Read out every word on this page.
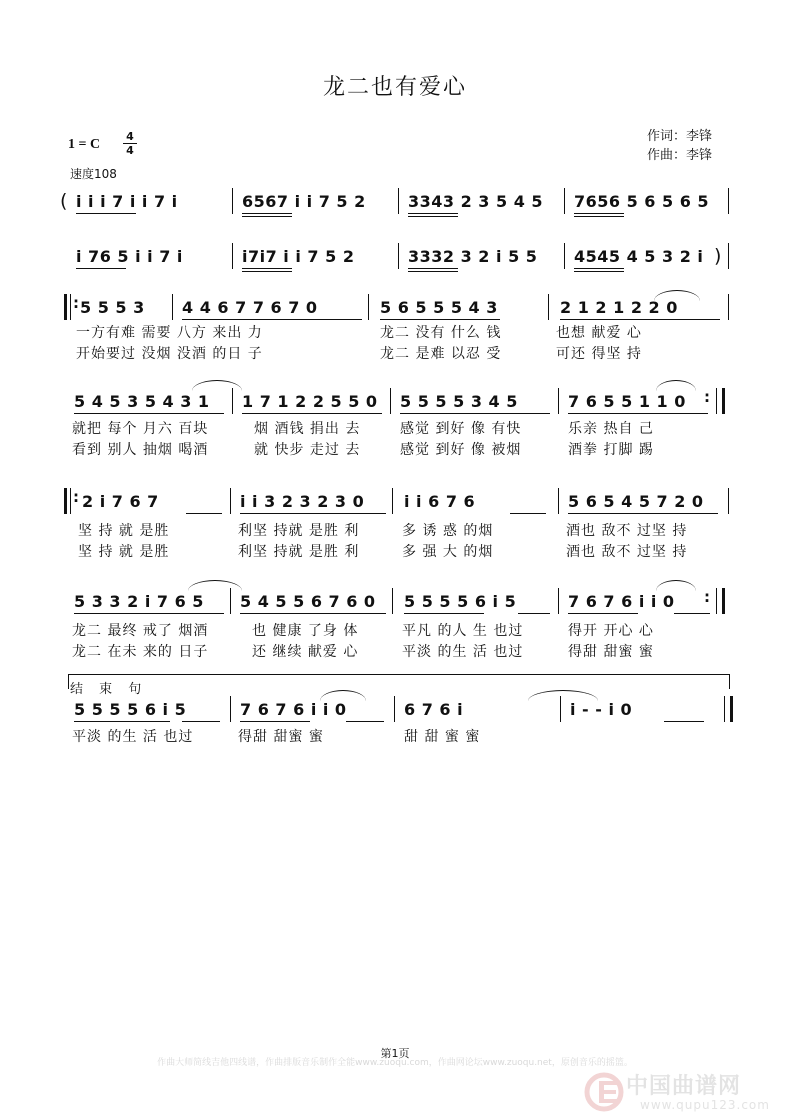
龙二也有爱心
1 = C
4
4
速度108
作词：李锋
作曲：李锋
( i i i 7 i i 7 i	6567 i i 7 5 2	3343 2 3 5 4 5 7656 5 6 5 6 5
i 76 5 i i 7 i	i7i7 i i 7 5 2	3332 3 2 i 5 5 4545 4 5 3 2 i )
: 5 5 5 3 4 4 6 7 7 6 7 0	5 6 5 5 5 4 3	2 1 2 1 2 2 0
一方有难 需要 八方 来出 力	龙二 没有 什么 钱	也想 献爱 心
开始要过 没烟 没酒 的日 子	龙二 是难 以忍 受	可还 得坚 持
5 4 5 3 5 4 3 1 1 7 1 2 2 5 5 0 5 5 5 5 3 4 5	7 6 5 5 1 1 0 :
就把 每个 月六 百块	烟 酒钱 捐出 去	感觉 到好 像 有快	乐亲 热自 己
看到 别人 抽烟 喝酒	就 快步 走过 去	感觉 到好 像 被烟	酒拳 打脚 踢
: 2 i 7 6 7	i i 3 2 3 2 3 0 i i 6 7 6	5 6 5 4 5 7 2 0
坚 持 就 是胜	利坚 持就 是胜 利	多 诱 惑 的烟	酒也 敌不 过坚 持
坚 持 就 是胜	利坚 持就 是胜 利	多 强 大 的烟	酒也 敌不 过坚 持
5 3 3 2 i 7 6 5 5 4 5 5 6 7 6 0 5 5 5 5 6 i 5	7 6 7 6 i i 0 :
龙二 最终 戒了 烟酒	也 健康 了身 体	平凡 的人 生 也过	得开 开心 心
龙二 在未 来的 日子	还 继续 献爱 心	平淡 的生 活 也过	得甜 甜蜜 蜜
结 束 句
5 5 5 5 6 i 5	7 6 7 6 i i 0	6 7 6 i	i - - i 0
平淡 的生 活 也过	得甜 甜蜜 蜜	甜 甜 蜜 蜜
第1页
作曲大师简线吉他四线谱，作曲排版音乐制作全能www.zuoqu.com，作曲网论坛www.zuoqu.net，原创音乐的摇篮。
中国曲谱网
www.qupu123.com
